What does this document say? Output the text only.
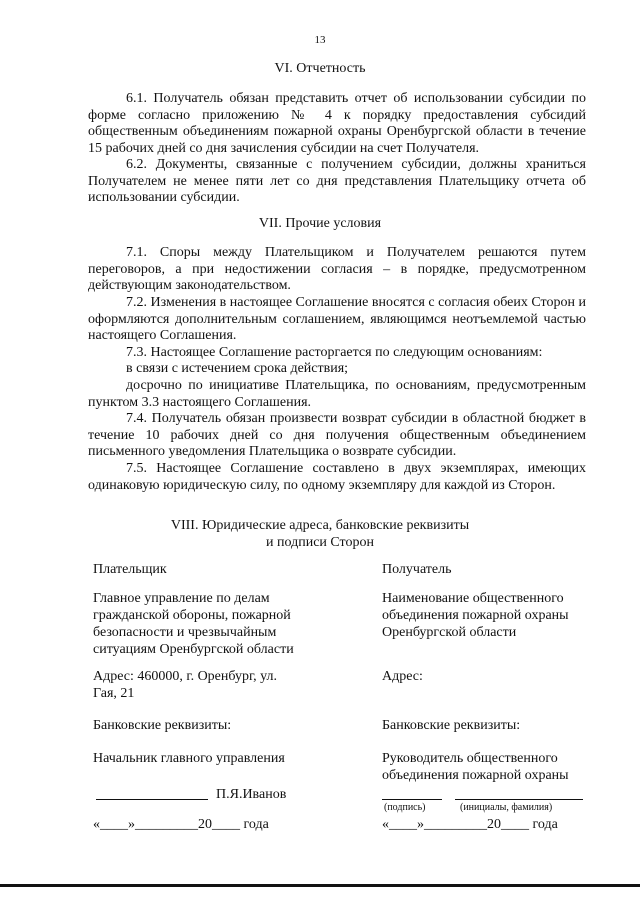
13
VI. Отчетность
6.1. Получатель обязан представить отчет об использовании субсидии по форме согласно приложению № 4 к порядку предоставления субсидий общественным объединениям пожарной охраны Оренбургской области в течение 15 рабочих дней со дня зачисления субсидии на счет Получателя.
6.2. Документы, связанные с получением субсидии, должны храниться Получателем не менее пяти лет со дня представления Плательщику отчета об использовании субсидии.
VII. Прочие условия
7.1. Споры между Плательщиком и Получателем решаются путем переговоров, а при недостижении согласия – в порядке, предусмотренном действующим законодательством.
7.2. Изменения в настоящее Соглашение вносятся с согласия обеих Сторон и оформляются дополнительным соглашением, являющимся неотъемлемой частью настоящего Соглашения.
7.3. Настоящее Соглашение расторгается по следующим основаниям:
в связи с истечением срока действия;
досрочно по инициативе Плательщика, по основаниям, предусмотренным пунктом 3.3 настоящего Соглашения.
7.4. Получатель обязан произвести возврат субсидии в областной бюджет в течение 10 рабочих дней со дня получения общественным объединением письменного уведомления Плательщика о возврате субсидии.
7.5. Настоящее Соглашение составлено в двух экземплярах, имеющих одинаковую юридическую силу, по одному экземпляру для каждой из Сторон.
VIII. Юридические адреса, банковские реквизиты
и подписи Сторон
Плательщик
Главное управление по делам гражданской обороны, пожарной безопасности и чрезвычайным ситуациям Оренбургской области
Адрес: 460000, г. Оренбург, ул. Гая, 21
Банковские реквизиты:
Начальник главного управления
П.Я.Иванов
«____»_________20____ года
Получатель
Наименование общественного объединения пожарной охраны Оренбургской области
Адрес:
Банковские реквизиты:
Руководитель общественного объединения пожарной охраны
(подпись)	(инициалы, фамилия)
«____»_________20____ года
